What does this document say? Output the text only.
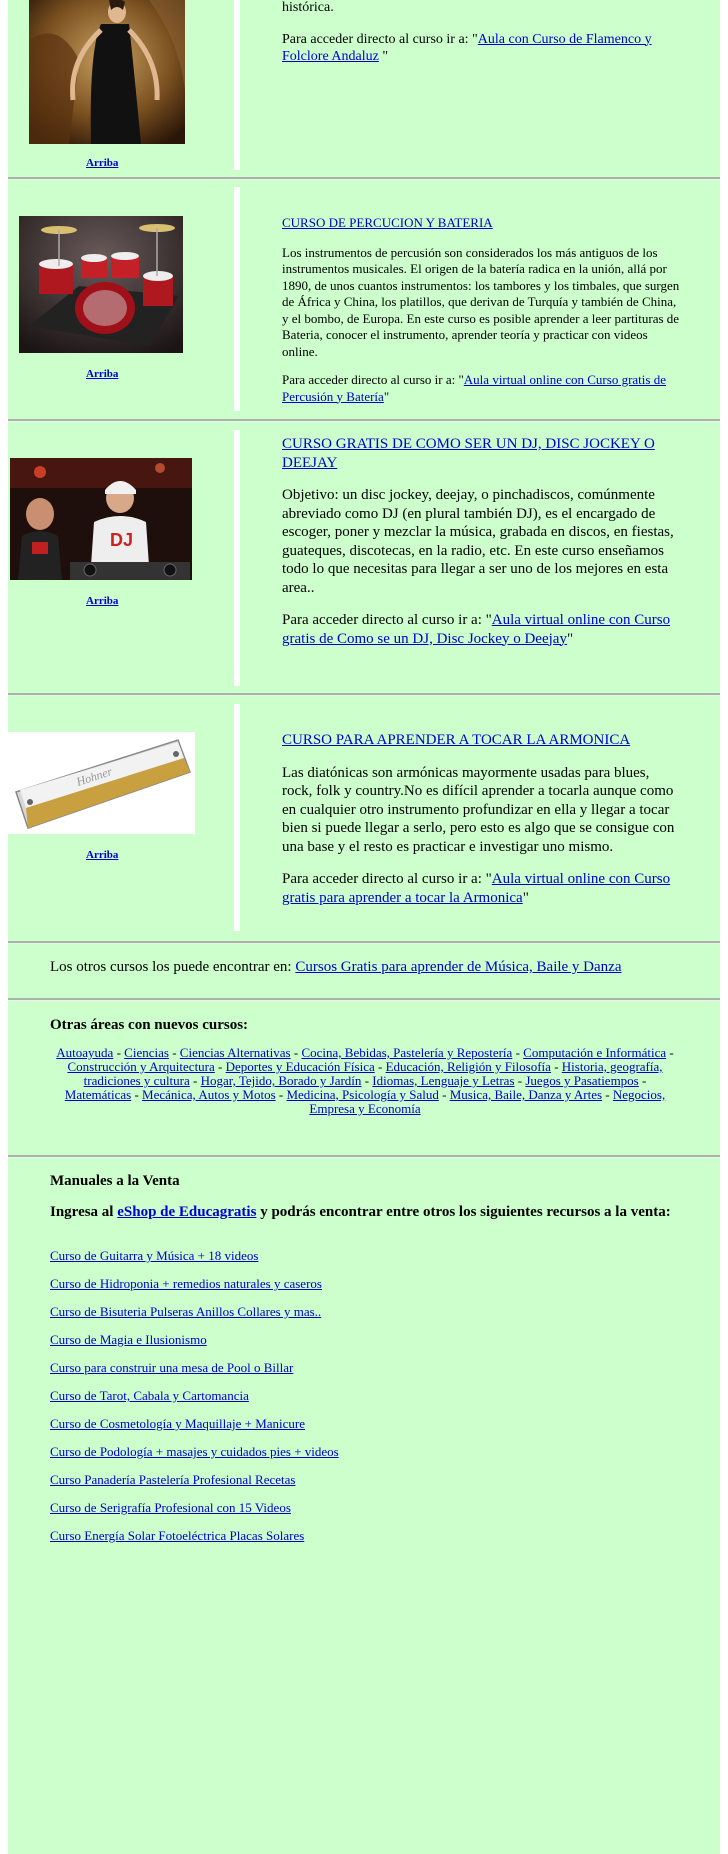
Arriba
histórica.
Para acceder directo al curso ir a: "Aula con Curso de Flamenco y Folclore Andaluz "
Arriba
CURSO DE PERCUCION Y BATERIA
Los instrumentos de percusión son considerados los más antiguos de los instrumentos musicales. El origen de la batería radica en la unión, allá por 1890, de unos cuantos instrumentos: los tambores y los timbales, que surgen de África y China, los platillos, que derivan de Turquía y también de China, y el bombo, de Europa. En este curso es posible aprender a leer partituras de Bateria, conocer el instrumento, aprender teoría y practicar con videos online.
Para acceder directo al curso ir a: "Aula virtual online con Curso gratis de Percusión y Batería"
DJ
Arriba
CURSO GRATIS DE COMO SER UN DJ, DISC JOCKEY O DEEJAY
Objetivo: un disc jockey, deejay, o pinchadiscos, comúnmente abreviado como DJ (en plural también DJ), es el encargado de escoger, poner y mezclar la música, grabada en discos, en fiestas, guateques, discotecas, en la radio, etc. En este curso enseñamos todo lo que necesitas para llegar a ser uno de los mejores en esta area..
Para acceder directo al curso ir a: "Aula virtual online con Curso gratis de Como se un DJ, Disc Jockey o Deejay"
Hohner
Arriba
CURSO PARA APRENDER A TOCAR LA ARMONICA
Las diatónicas son armónicas mayormente usadas para blues, rock, folk y country.No es difícil aprender a tocarla aunque como en cualquier otro instrumento profundizar en ella y llegar a tocar bien si puede llegar a serlo, pero esto es algo que se consigue con una base y el resto es practicar e investigar uno mismo.
Para acceder directo al curso ir a: "Aula virtual online con Curso gratis para aprender a tocar la Armonica"
Los otros cursos los puede encontrar en: Cursos Gratis para aprender de Música, Baile y Danza
Otras áreas con nuevos cursos:
Autoayuda - Ciencias - Ciencias Alternativas - Cocina, Bebidas, Pastelería y Repostería - Computación e Informática - Construcción y Arquitectura - Deportes y Educación Física - Educación, Religión y Filosofía - Historia, geografía, tradiciones y cultura - Hogar, Tejido, Borado y Jardín - Idiomas, Lenguaje y Letras - Juegos y Pasatiempos - Matemáticas - Mecánica, Autos y Motos - Medicina, Psicología y Salud - Musica, Baile, Danza y Artes - Negocios, Empresa y Economía
Manuales a la Venta
Ingresa al eShop de Educagratis y podrás encontrar entre otros los siguientes recursos a la venta:
Curso de Guitarra y Música + 18 videos
Curso de Hidroponia + remedios naturales y caseros
Curso de Bisuteria Pulseras Anillos Collares y mas..
Curso de Magia e Ilusionismo
Curso para construir una mesa de Pool o Billar
Curso de Tarot, Cabala y Cartomancia
Curso de Cosmetología y Maquillaje + Manicure
Curso de Podología + masajes y cuidados pies + videos
Curso Panadería Pastelería Profesional Recetas
Curso de Serigrafía Profesional con 15 Videos
Curso Energía Solar Fotoeléctrica Placas Solares
